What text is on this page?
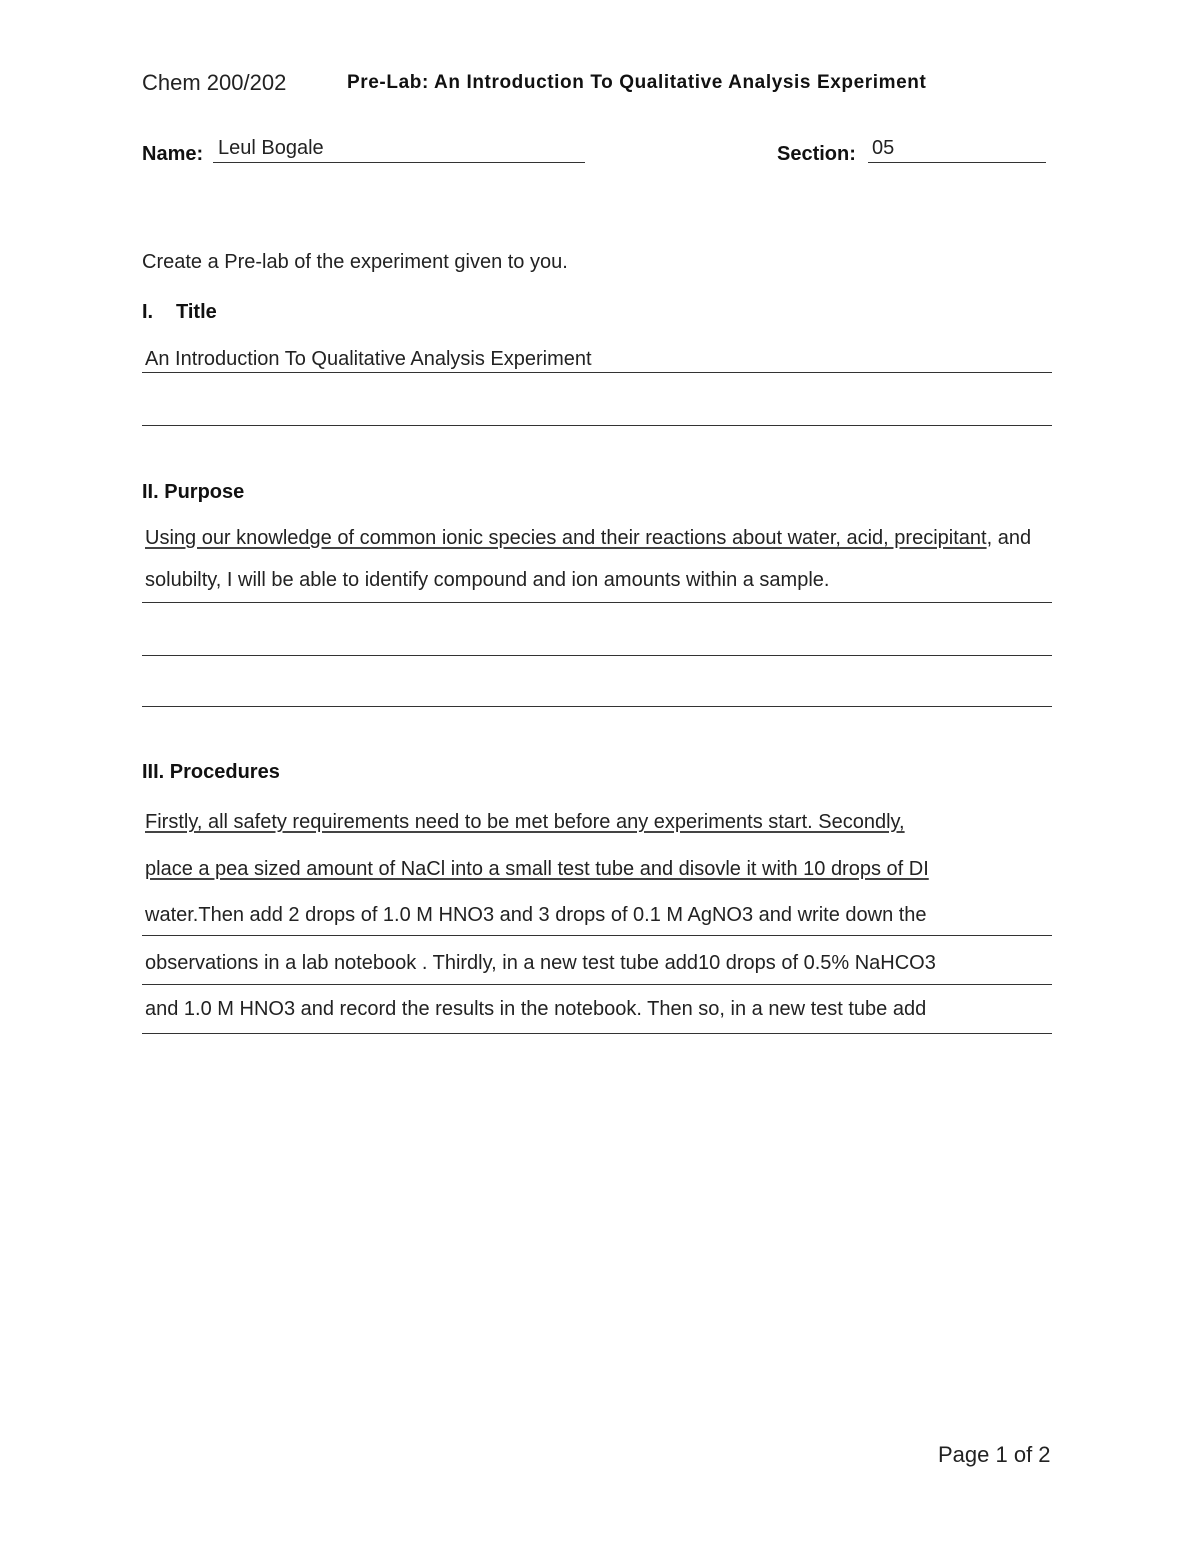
Chem 200/202	Pre-Lab: An Introduction To Qualitative Analysis Experiment
Name: Leul Bogale	Section: 05
Create a Pre-lab of the experiment given to you.
I. Title
An Introduction To Qualitative Analysis Experiment
II. Purpose
Using our knowledge of common ionic species and their reactions about water, acid, precipitant, and
solubilty, I will be able to identify compound and ion amounts within a sample.
III. Procedures
Firstly, all safety requirements need to be met before any experiments start. Secondly,
place a pea sized amount of NaCl into a small test tube and disovle it with 10 drops of DI
water.Then add 2 drops of 1.0 M HNO3 and 3 drops of 0.1 M AgNO3 and write down the
observations in a lab notebook . Thirdly, in a new test tube add10 drops of 0.5% NaHCO3
and 1.0 M HNO3 and record the results in the notebook. Then so, in a new test tube add
Page 1 of 2
